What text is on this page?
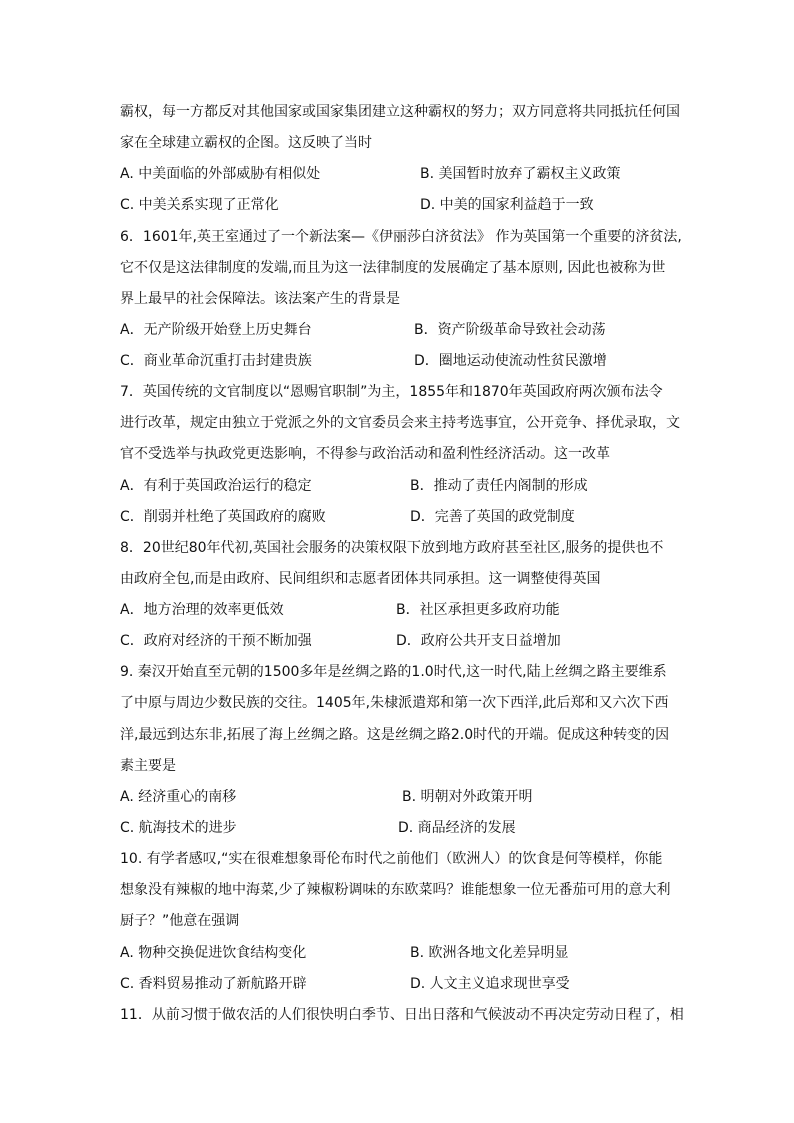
霸权，每一方都反对其他国家或国家集团建立这种霸权的努力；双方同意将共同抵抗任何国
家在全球建立霸权的企图。这反映了当时
A. 中美面临的外部威胁有相似处	B. 美国暂时放弃了霸权主义政策
C. 中美关系实现了正常化	D. 中美的国家利益趋于一致
6．1601年,英王室通过了一个新法案—《伊丽莎白济贫法》 作为英国第一个重要的济贫法,
它不仅是这法律制度的发端,而且为这一法律制度的发展确定了基本原则, 因此也被称为世
界上最早的社会保障法。该法案产生的背景是
A．无产阶级开始登上历史舞台	B．资产阶级革命导致社会动荡
C．商业革命沉重打击封建贵族	D．圈地运动使流动性贫民激增
7．英国传统的文官制度以“恩赐官职制”为主，1855年和1870年英国政府两次颁布法令
进行改革，规定由独立于党派之外的文官委员会来主持考选事宜，公开竞争、择优录取，文
官不受选举与执政党更迭影响，不得参与政治活动和盈利性经济活动。这一改革
A．有利于英国政治运行的稳定	B．推动了责任内阁制的形成
C．削弱并杜绝了英国政府的腐败	D．完善了英国的政党制度
8．20世纪80年代初,英国社会服务的决策权限下放到地方政府甚至社区,服务的提供也不
由政府全包,而是由政府、民间组织和志愿者团体共同承担。这一调整使得英国
A．地方治理的效率更低效	B．社区承担更多政府功能
C．政府对经济的干预不断加强	D．政府公共开支日益增加
9. 秦汉开始直至元朝的1500多年是丝绸之路的1.0时代,这一时代,陆上丝绸之路主要维系
了中原与周边少数民族的交往。1405年,朱棣派遣郑和第一次下西洋,此后郑和又六次下西
洋,最远到达东非,拓展了海上丝绸之路。这是丝绸之路2.0时代的开端。促成这种转变的因
素主要是
A. 经济重心的南移	B. 明朝对外政策开明
C. 航海技术的进步	D. 商品经济的发展
10. 有学者感叹,“实在很难想象哥伦布时代之前他们（欧洲人）的饮食是何等模样，你能
想象没有辣椒的地中海菜,少了辣椒粉调味的东欧菜吗？谁能想象一位无番茄可用的意大利
厨子？”他意在强调
A. 物种交换促进饮食结构变化	B. 欧洲各地文化差异明显
C. 香料贸易推动了新航路开辟	D. 人文主义追求现世享受
11．从前习惯于做农活的人们很快明白季节、日出日落和气候波动不再决定劳动日程了，相
